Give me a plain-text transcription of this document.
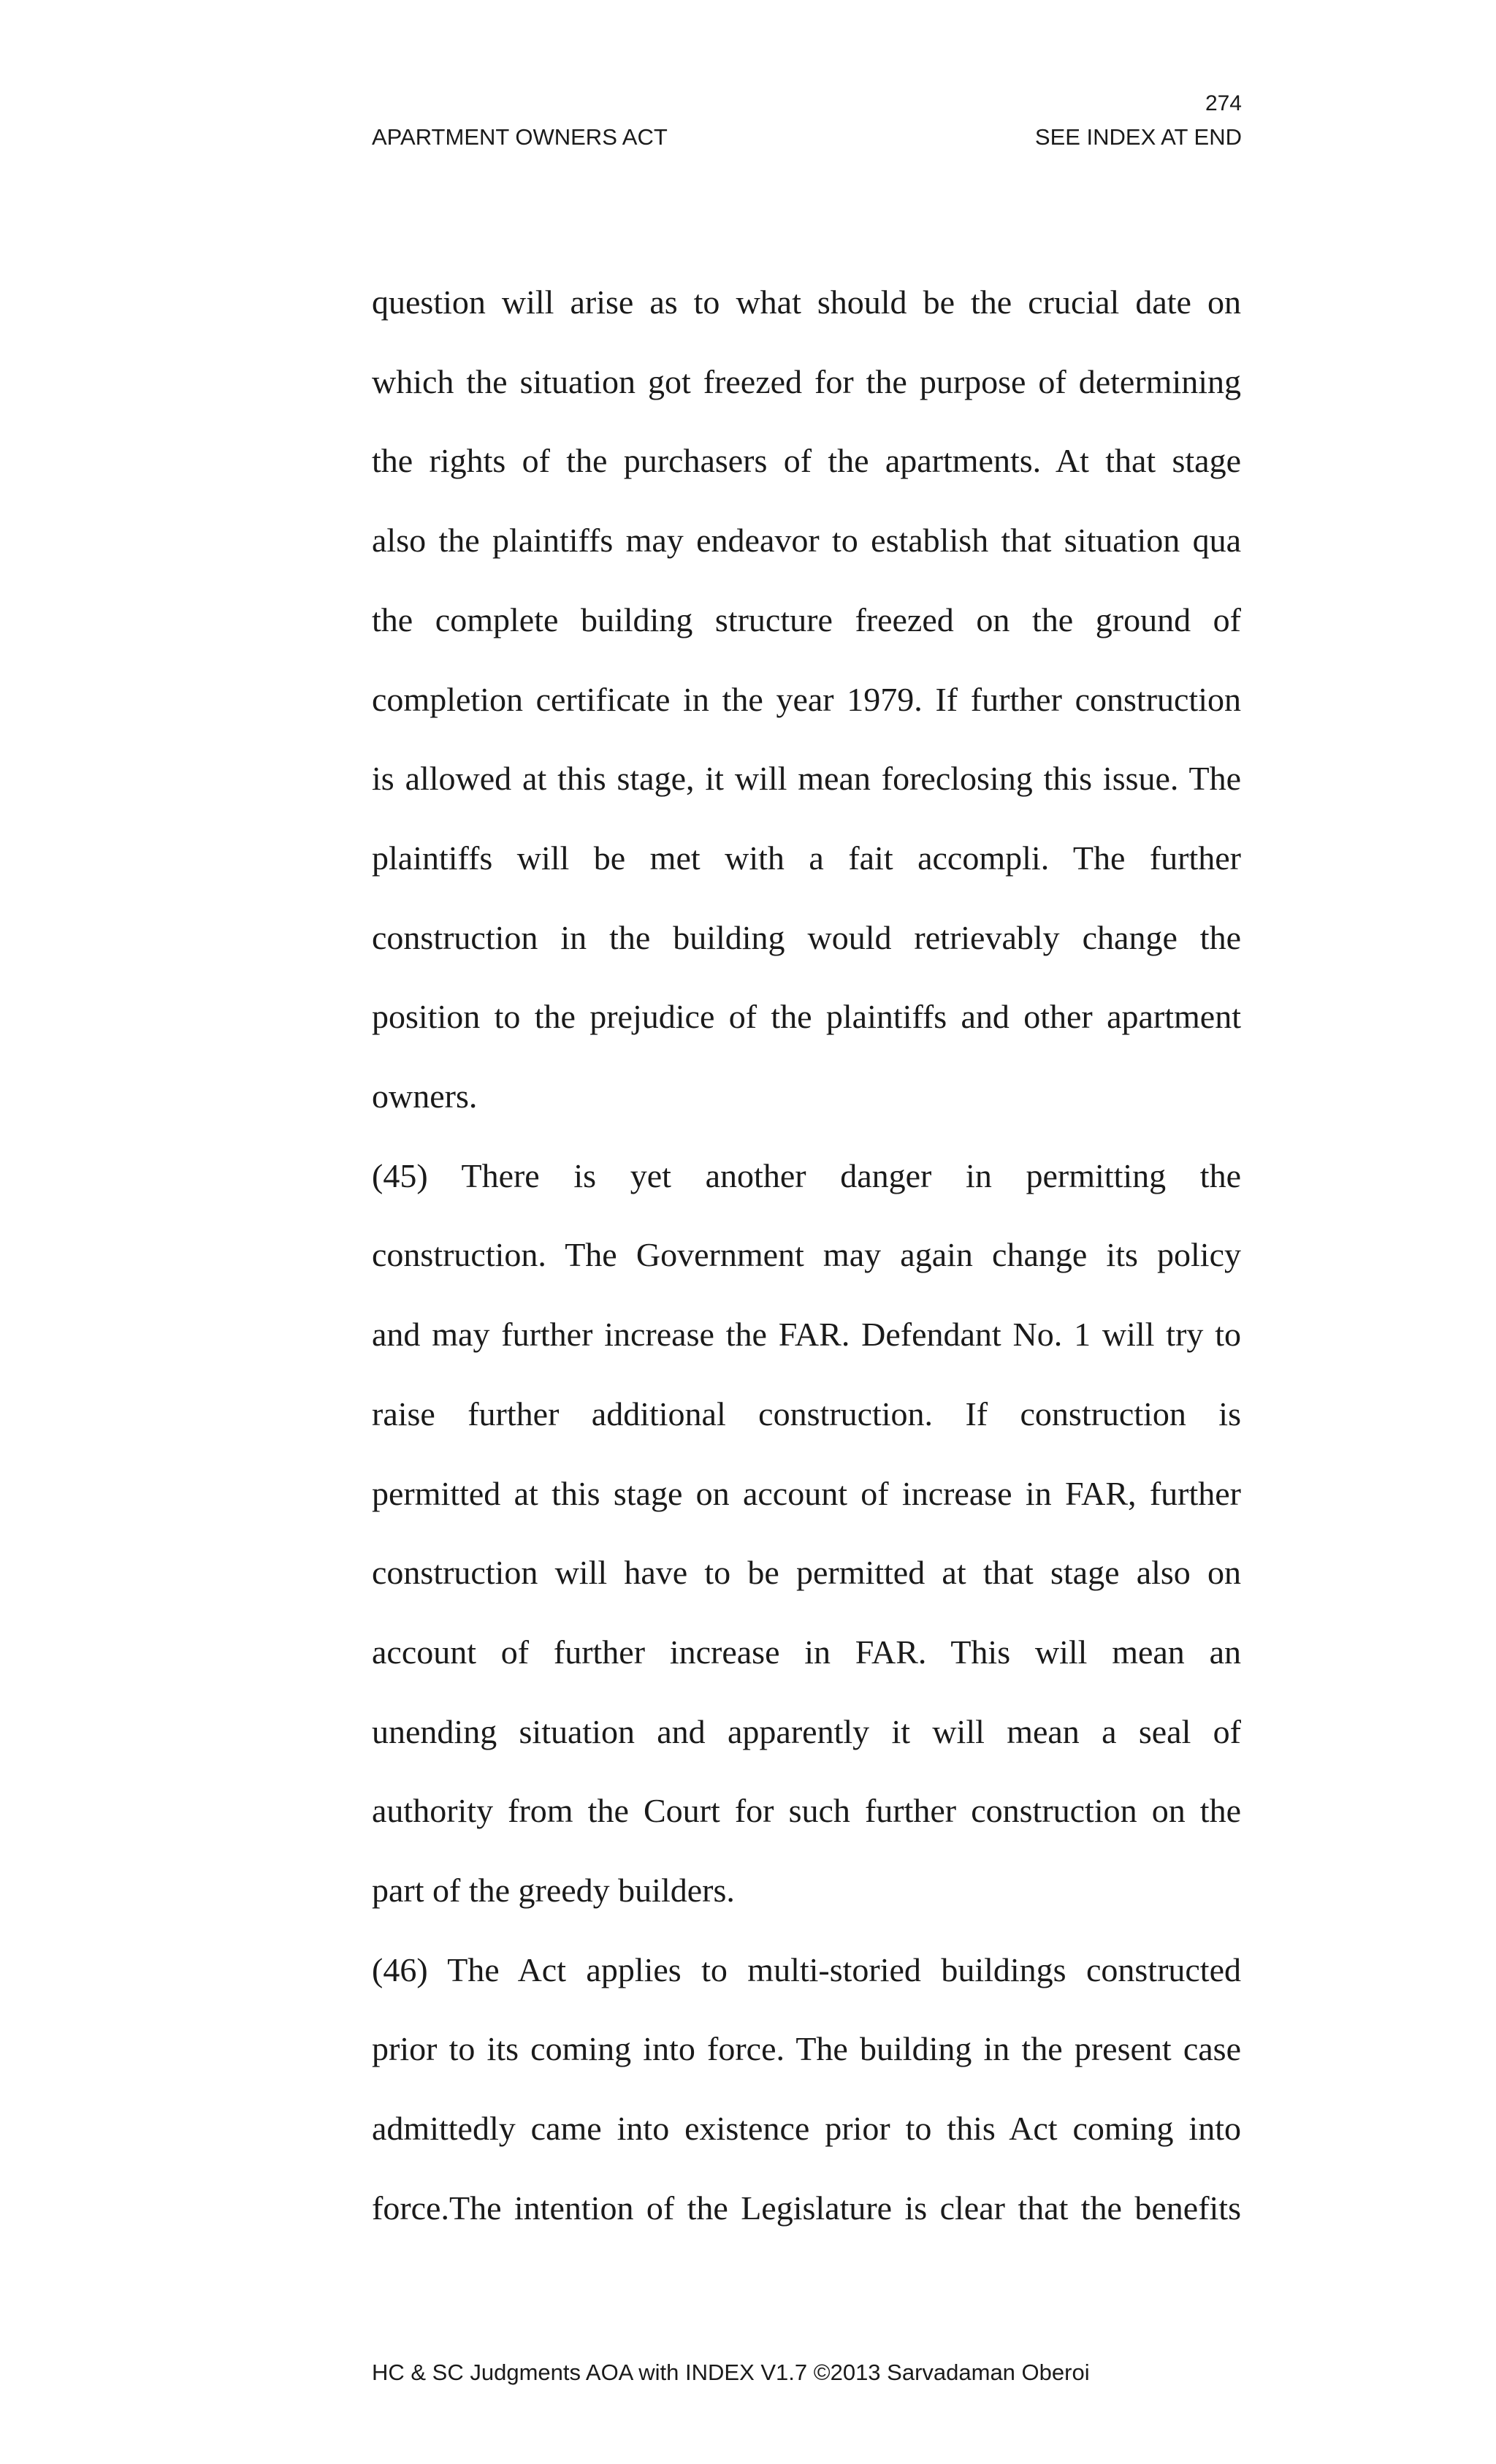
274
APARTMENT OWNERS ACT	SEE INDEX AT END

question will arise as to what should be the crucial date on

which the situation got freezed for the purpose of determining

the rights of the purchasers of the apartments. At that stage

also the plaintiffs may endeavor to establish that situation qua

the complete building structure freezed on the ground of

completion certificate in the year 1979. If further construction

is allowed at this stage, it will mean foreclosing this issue. The

plaintiffs will be met with a fait accompli. The further

construction in the building would retrievably change the

position to the prejudice of the plaintiffs and other apartment

owners.

(45) There is yet another danger in permitting the

construction. The Government may again change its policy

and may further increase the FAR. Defendant No. 1 will try to

raise further additional construction. If construction is

permitted at this stage on account of increase in FAR, further

construction will have to be permitted at that stage also on

account of further increase in FAR. This will mean an

unending situation and apparently it will mean a seal of

authority from the Court for such further construction on the

part of the greedy builders.

(46) The Act applies to multi-storied buildings constructed

prior to its coming into force. The building in the present case

admittedly came into existence prior to this Act coming into

force.The intention of the Legislature is clear that the benefits

HC & SC Judgments AOA with INDEX V1.7 ©2013 Sarvadaman Oberoi
